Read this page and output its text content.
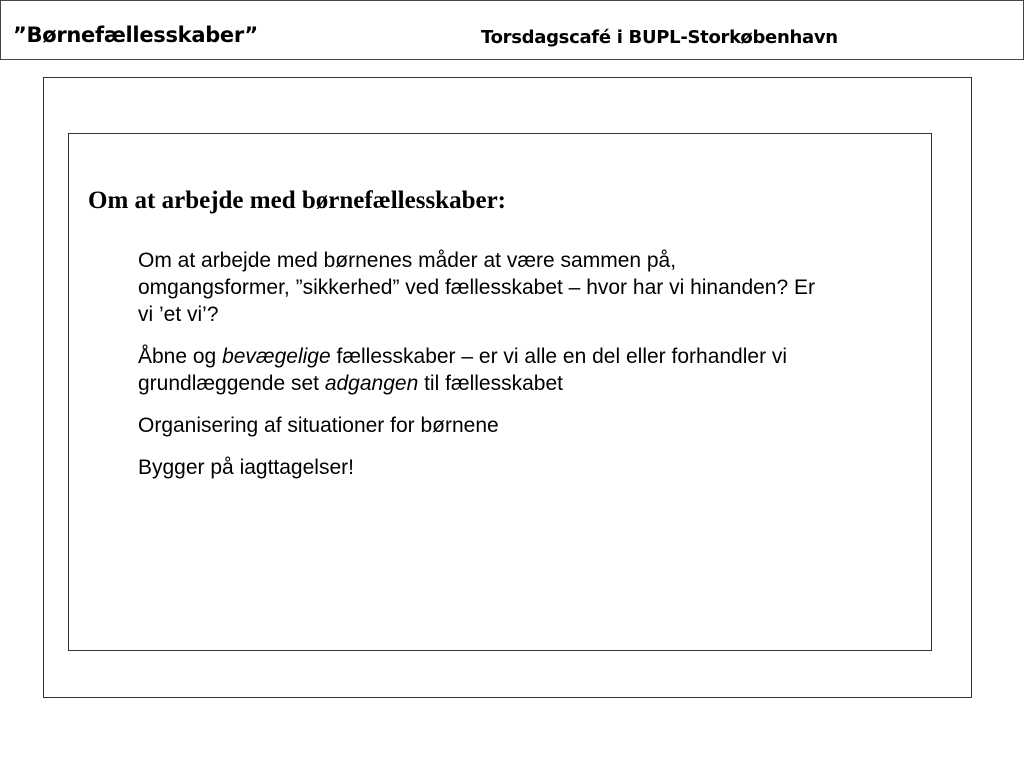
”Børnefællesskaber”	Torsdagscafé i BUPL-Storkøbenhavn
Om at arbejde med børnefællesskaber:

Om at arbejde med børnenes måder at være sammen på, omgangsformer, ”sikkerhed” ved fællesskabet – hvor har vi hinanden? Er vi ’et vi’?

Åbne og bevægelige fællesskaber – er vi alle en del eller forhandler vi grundlæggende set adgangen til fællesskabet

Organisering af situationer for børnene

Bygger på iagttagelser!
